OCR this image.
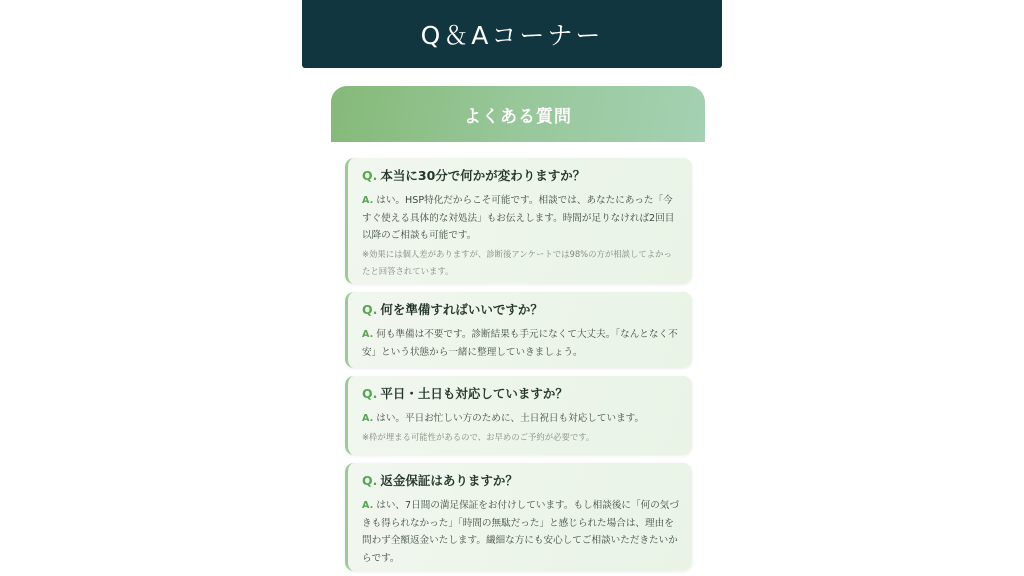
Q＆Aコーナー
よくある質問
Q. 本当に30分で何かが変わりますか？
A. はい。HSP特化だからこそ可能です。相談では、あなたにあった「今すぐ使える具体的な対処法」もお伝えします。時間が足りなければ2回目以降のご相談も可能です。
※効果には個人差がありますが、診断後アンケートでは98%の方が相談してよかったと回答されています。
Q. 何を準備すればいいですか？
A. 何も準備は不要です。診断結果も手元になくて大丈夫。「なんとなく不安」という状態から一緒に整理していきましょう。
Q. 平日・土日も対応していますか？
A. はい。平日お忙しい方のために、土日祝日も対応しています。
※枠が埋まる可能性があるので、お早めのご予約が必要です。
Q. 返金保証はありますか？
A. はい、7日間の満足保証をお付けしています。もし相談後に「何の気づきも得られなかった」「時間の無駄だった」と感じられた場合は、理由を問わず全額返金いたします。繊細な方にも安心してご相談いただきたいからです。
